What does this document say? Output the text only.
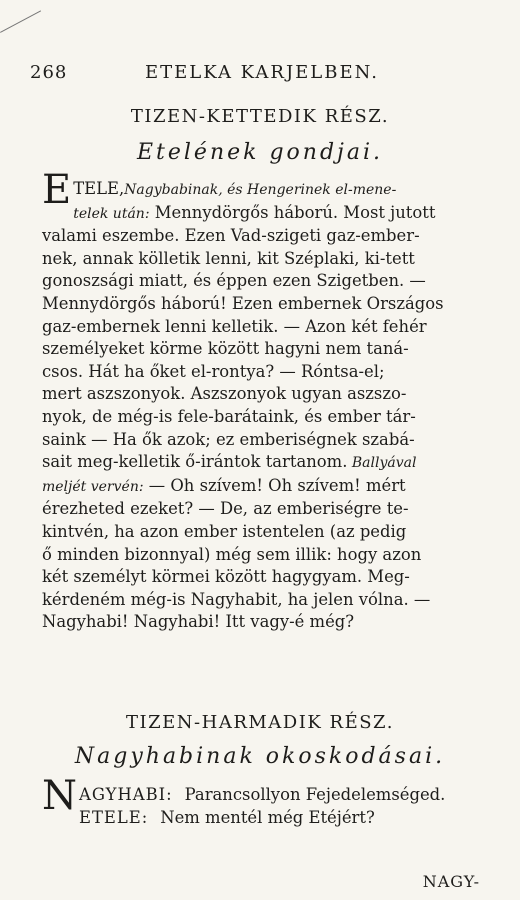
268	ETELKA KARJELBEN.
TIZEN-KETTEDIK RÉSZ.
Etelének gondjai.
E TELE,Nagybabinak, és Hengerinek el-mene-
telek után: Mennydörgős háború. Most jutott
valami eszembe. Ezen Vad-szigeti gaz-ember-
nek, annak kölletik lenni, kit Széplaki, ki-tett
gonoszsági miatt, és éppen ezen Szigetben. —
Mennydörgős háború! Ezen embernek Országos
gaz-embernek lenni kelletik. — Azon két fehér
személyeket körme között hagyni nem taná-
csos. Hát ha őket el-rontya? — Róntsa-el;
mert aszszonyok. Aszszonyok ugyan aszszo-
nyok, de még-is fele-barátaink, és ember tár-
saink — Ha ők azok; ez emberiségnek szabá-
sait meg-kelletik ő-irántok tartanom. Ballyával
meljét vervén: — Oh szívem! Oh szívem! mért
érezheted ezeket? — De, az emberiségre te-
kintvén, ha azon ember istentelen (az pedig
ő minden bizonnyal) még sem illik: hogy azon
két személyt körmei között hagygyam. Meg-
kérdeném még-is Nagyhabit, ha jelen vólna. —
Nagyhabi! Nagyhabi! Itt vagy-é még?
TIZEN-HARMADIK RÉSZ.
Nagyhabinak okoskodásai.
N AGYHABI: Parancsollyon Fejedelemséged.
ETELE: Nem mentél még Etéjért?
NAGY-
